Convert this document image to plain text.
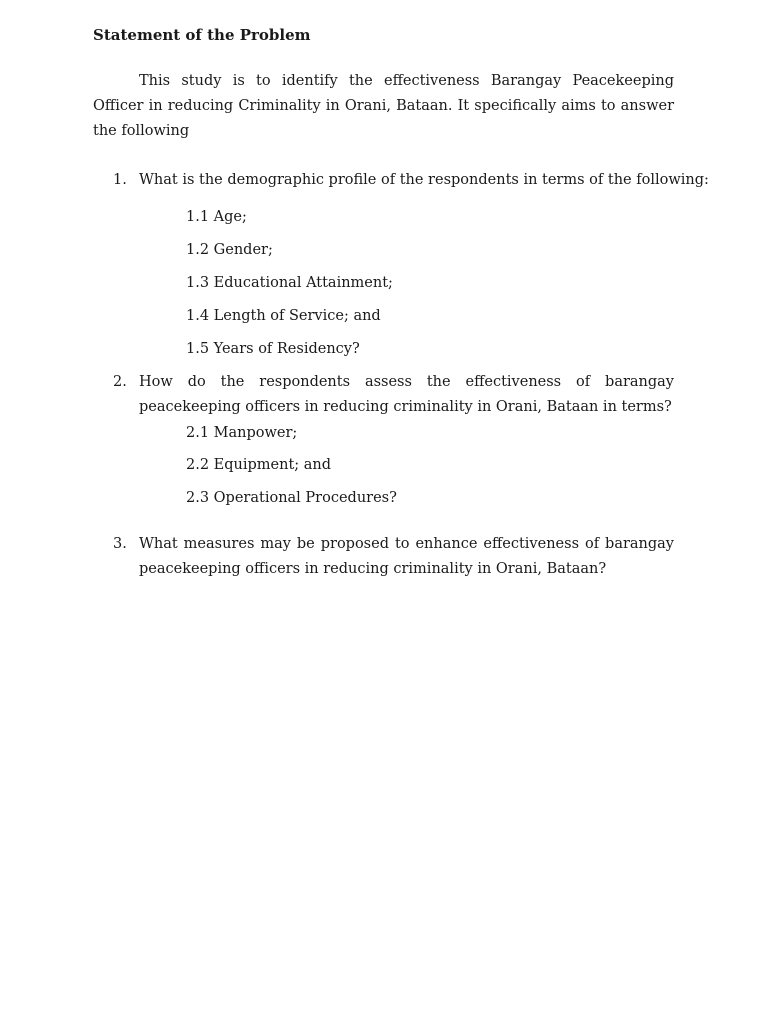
Statement of the Problem
This study is to identify the effectiveness Barangay Peacekeeping Officer in reducing Criminality in Orani, Bataan. It specifically aims to answer the following
1. What is the demographic profile of the respondents in terms of the following:
1.1 Age;
1.2 Gender;
1.3 Educational Attainment;
1.4 Length of Service; and
1.5 Years of Residency?
2. How do the respondents assess the effectiveness of barangay peacekeeping officers in reducing criminality in Orani, Bataan in terms?
2.1 Manpower;
2.2 Equipment; and
2.3 Operational Procedures?
3. What measures may be proposed to enhance effectiveness of barangay peacekeeping officers in reducing criminality in Orani, Bataan?
